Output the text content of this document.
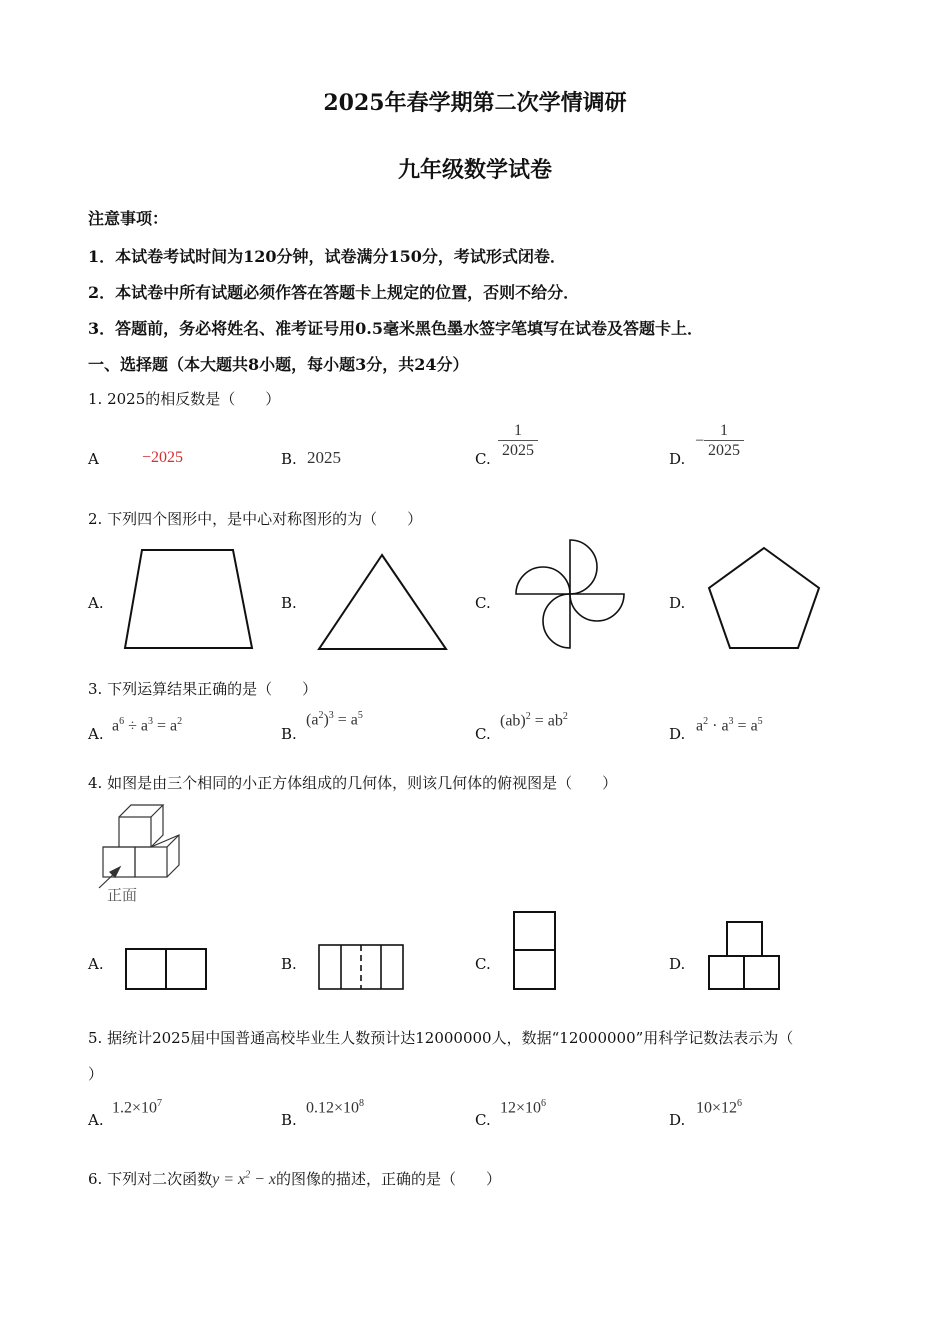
2025年春学期第二次学情调研
九年级数学试卷
注意事项：
1．本试卷考试时间为120分钟，试卷满分150分，考试形式闭卷．
2．本试卷中所有试题必须作答在答题卡上规定的位置，否则不给分．
3．答题前，务必将姓名、准考证号用0.5毫米黑色墨水签字笔填写在试卷及答题卡上．
一、选择题（本大题共8小题，每小题3分，共24分）
1. 2025的相反数是（　　）
A	−2025	B. 2025	C. $\frac{1}{2025}$	D.
− $\frac{1}{2025}$
2. 下列四个图形中，是中心对称图形的为（　　）
A.	B.	C.	D.
3. 下列运算结果正确的是（　　）
A. $a^6 \div a^3 = a^2$
B.
$(a^2)^3 = a^5$
C.
$(ab)^2 = ab^2$
D. $a^2 \cdot a^3 = a^5$
4. 如图是由三个相同的小正方体组成的几何体，则该几何体的俯视图是（　　）
正面
A.	B.	C.	D.
5. 据统计2025届中国普通高校毕业生人数预计达12000000人，数据“12000000”用科学记数法表示为（
）
A.
$1.2\times 10^7$
B.
$0.12\times 10^8$
C.
$12\times 10^6$
D.
$10\times 12^6$
6. 下列对二次函数$y = x^2 - x$的图像的描述，正确的是（　　）
